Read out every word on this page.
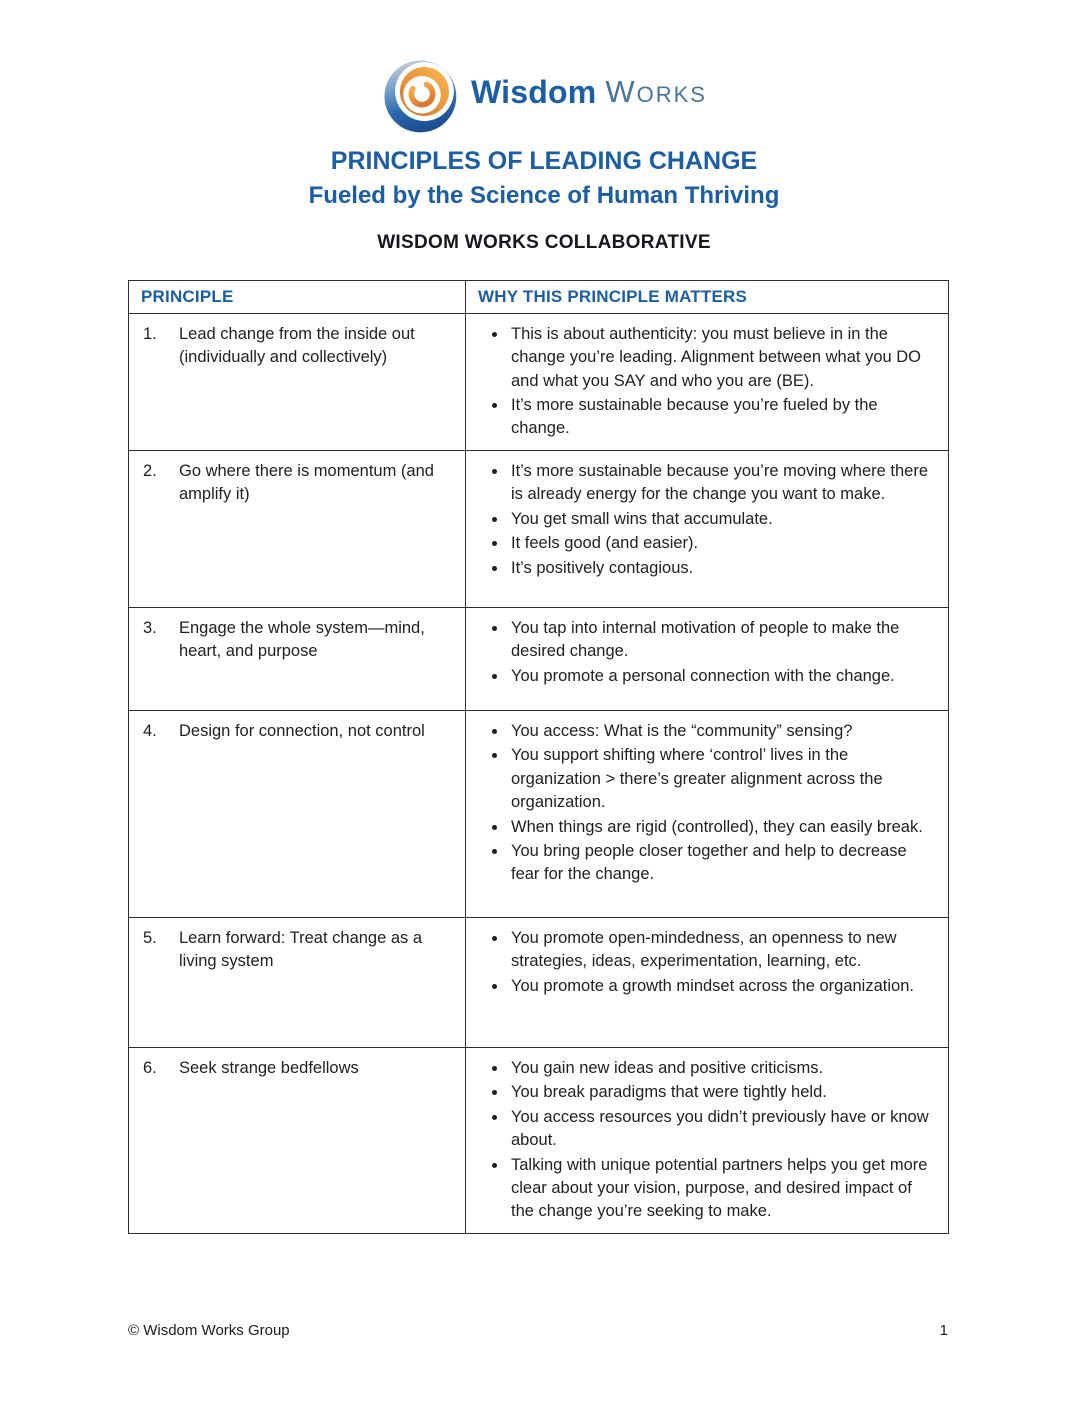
Wisdom Works
PRINCIPLES OF LEADING CHANGE
Fueled by the Science of Human Thriving
WISDOM WORKS COLLABORATIVE
PRINCIPLE	WHY THIS PRINCIPLE MATTERS

1.	Lead change from the inside out (individually and collectively)

• This is about authenticity: you must believe in in the change you’re leading. Alignment between what you DO and what you SAY and who you are (BE).
• It’s more sustainable because you’re fueled by the change.

2.	Go where there is momentum (and amplify it)

• It’s more sustainable because you’re moving where there is already energy for the change you want to make.
• You get small wins that accumulate.
• It feels good (and easier).
• It’s positively contagious.

3.	Engage the whole system—mind, heart, and purpose

• You tap into internal motivation of people to make the desired change.
• You promote a personal connection with the change.

4.	Design for connection, not control

•You access: What is the “community” sensing?
• You support shifting where ‘control’ lives in the organization > there’s greater alignment across the organization.
• When things are rigid (controlled), they can easily break.
• You bring people closer together and help to decrease fear for the change.

5.	Learn forward: Treat change as a living system

• You promote open-mindedness, an openness to new strategies, ideas, experimentation, learning, etc.
• You promote a growth mindset across the organization.

6.	Seek strange bedfellows

•You gain new ideas and positive criticisms.
• You break paradigms that were tightly held.
• You access resources you didn’t previously have or know about.
• Talking with unique potential partners helps you get more clear about your vision, purpose, and desired impact of the change you’re seeking to make.
© Wisdom Works Group	1
